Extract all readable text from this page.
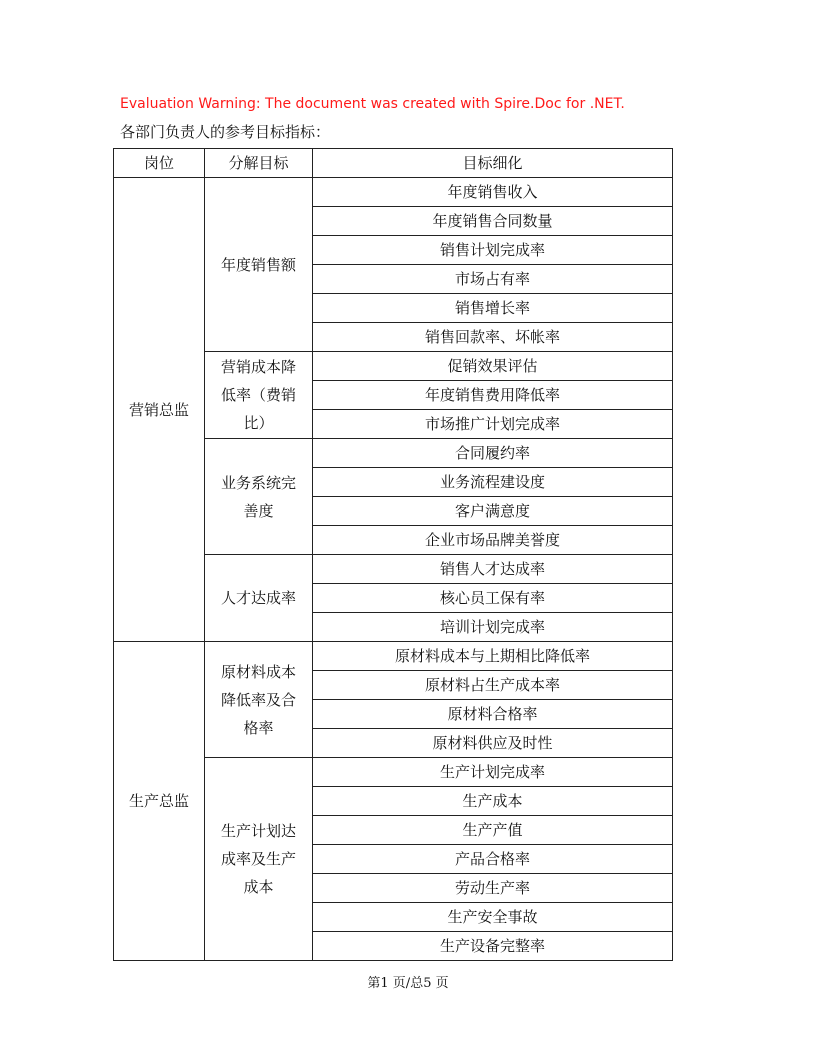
Evaluation Warning: The document was created with Spire.Doc for .NET.
各部门负责人的参考目标指标：
岗位	分解目标	目标细化
营销总监	年度销售额	年度销售收入
		年度销售合同数量
		销售计划完成率
		市场占有率
		销售增长率
		销售回款率、坏帐率
	营销成本降低率（费销比）	促销效果评估
		年度销售费用降低率
		市场推广计划完成率
	业务系统完善度	合同履约率
		业务流程建设度
		客户满意度
		企业市场品牌美誉度
	人才达成率	销售人才达成率
		核心员工保有率
		培训计划完成率
生产总监	原材料成本降低率及合格率	原材料成本与上期相比降低率
		原材料占生产成本率
		原材料合格率
		原材料供应及时性
	生产计划达成率及生产成本	生产计划完成率
		生产成本
		生产产值
		产品合格率
		劳动生产率
		生产安全事故
		生产设备完整率
第1 页/总5 页
